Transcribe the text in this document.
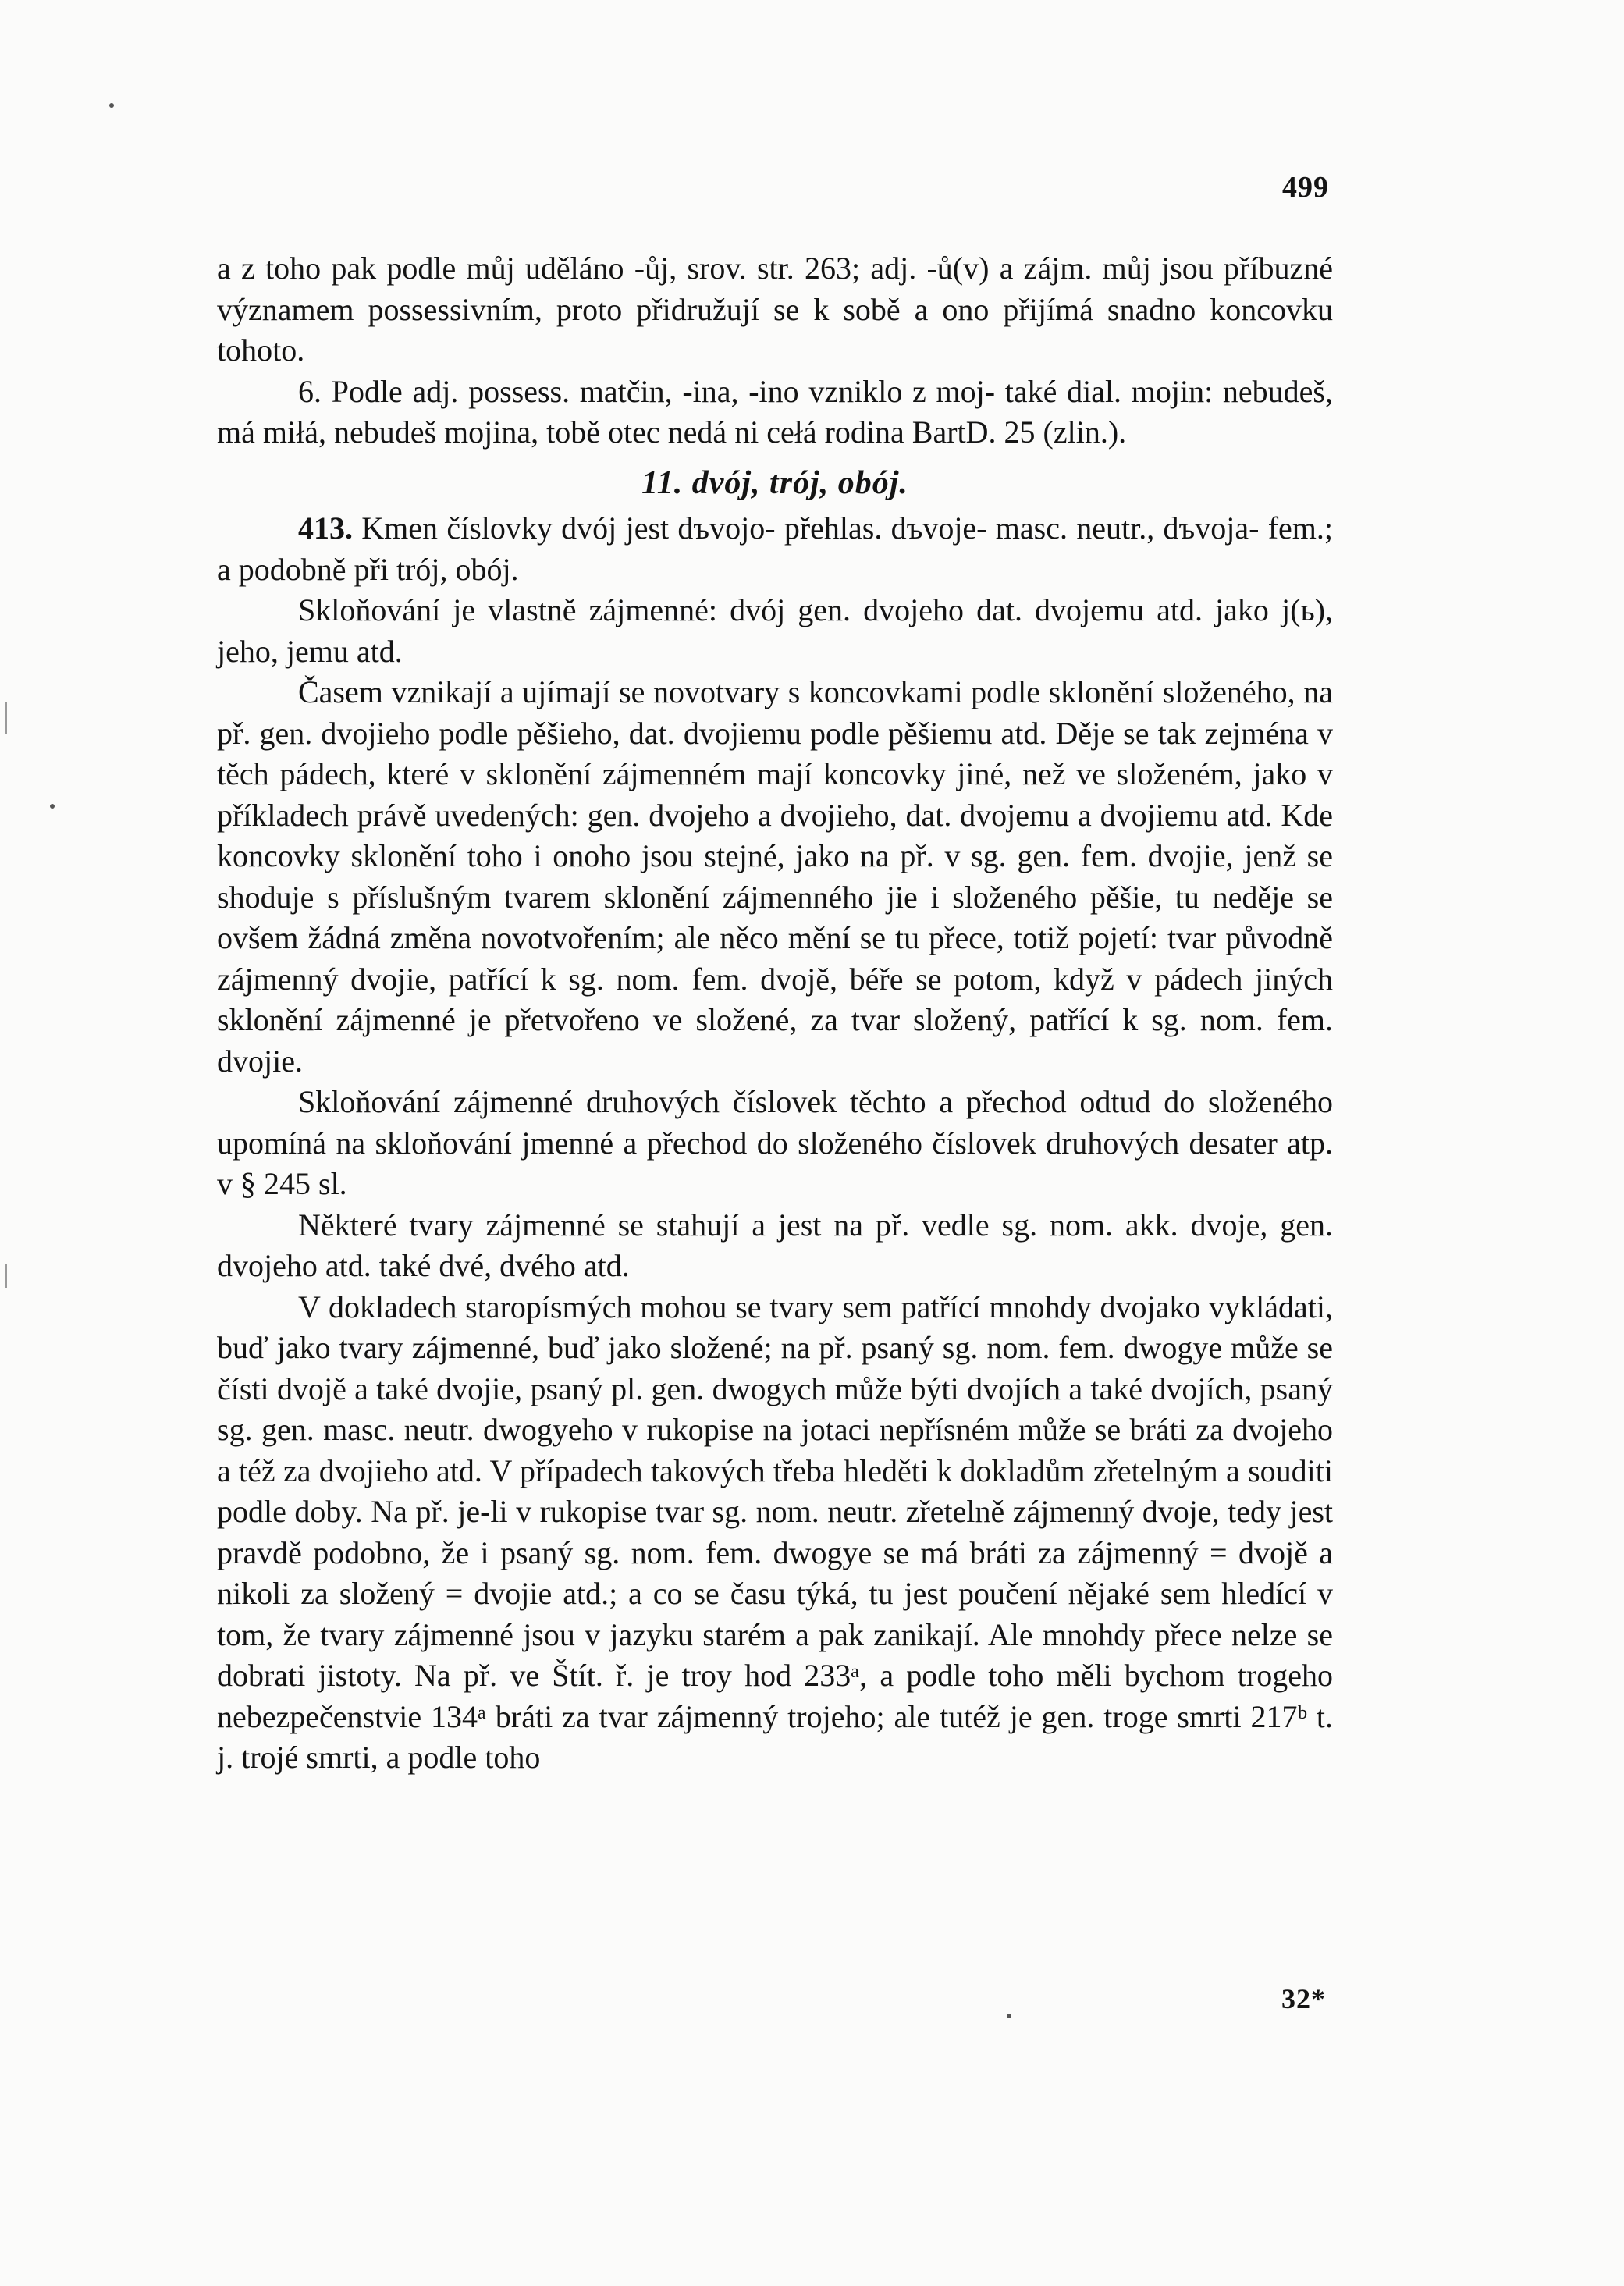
499

a z toho pak podle můj uděláno -ůj, srov. str. 263; adj. -ů(v) a zájm. můj jsou příbuzné významem possessivním, proto přidružují se k sobě a ono přijímá snadno koncovku tohoto.

6. Podle adj. possess. matčin, -ina, -ino vzniklo z moj- také dial. mojin: nebudeš, má miłá, nebudeš mojina, tobě otec nedá ni cełá rodina BartD. 25 (zlin.).

11. dvój, trój, obój.

413. Kmen číslovky dvój jest dъvojo- přehlas. dъvoje- masc. neutr., dъvoja- fem.; a podobně při trój, obój.

Skloňování je vlastně zájmenné: dvój gen. dvojeho dat. dvojemu atd. jako j(ь), jeho, jemu atd.

Časem vznikají a ujímají se novotvary s koncovkami podle sklonění složeného, na př. gen. dvojieho podle pěšieho, dat. dvojiemu podle pěšiemu atd. Děje se tak zejména v těch pádech, které v sklonění zájmenném mají koncovky jiné, než ve složeném, jako v příkladech právě uvedených: gen. dvojeho a dvojieho, dat. dvojemu a dvojiemu atd. Kde koncovky sklonění toho i onoho jsou stejné, jako na př. v sg. gen. fem. dvojie, jenž se shoduje s příslušným tvarem sklonění zájmenného jie i složeného pěšie, tu neděje se ovšem žádná změna novotvořením; ale něco mění se tu přece, totiž pojetí: tvar původně zájmenný dvojie, patřící k sg. nom. fem. dvojě, béře se potom, když v pádech jiných sklonění zájmenné je přetvořeno ve složené, za tvar složený, patřící k sg. nom. fem. dvojie.

Skloňování zájmenné druhových číslovek těchto a přechod odtud do složeného upomíná na skloňování jmenné a přechod do složeného číslovek druhových desater atp. v § 245 sl.

Některé tvary zájmenné se stahují a jest na př. vedle sg. nom. akk. dvoje, gen. dvojeho atd. také dvé, dvého atd.

V dokladech staropísmých mohou se tvary sem patřící mnohdy dvojako vykládati, buď jako tvary zájmenné, buď jako složené; na př. psaný sg. nom. fem. dwogye může se čísti dvojě a také dvojie, psaný pl. gen. dwogych může býti dvojích a také dvojích, psaný sg. gen. masc. neutr. dwogyeho v rukopise na jotaci nepřísném může se bráti za dvojeho a též za dvojieho atd. V případech takových třeba hleděti k dokladům zřetelným a souditi podle doby. Na př. je-li v rukopise tvar sg. nom. neutr. zřetelně zájmenný dvoje, tedy jest pravdě podobno, že i psaný sg. nom. fem. dwogye se má bráti za zájmenný = dvojě a nikoli za složený = dvojie atd.; a co se času týká, tu jest poučení nějaké sem hledící v tom, že tvary zájmenné jsou v jazyku starém a pak zanikají. Ale mnohdy přece nelze se dobrati jistoty. Na př. ve Štít. ř. je troy hod 233ᵃ, a podle toho měli bychom trogeho nebezpečenstvie 134ᵃ bráti za tvar zájmenný trojeho; ale tutéž je gen. troge smrti 217ᵇ t. j. trojé smrti, a podle toho

32*
